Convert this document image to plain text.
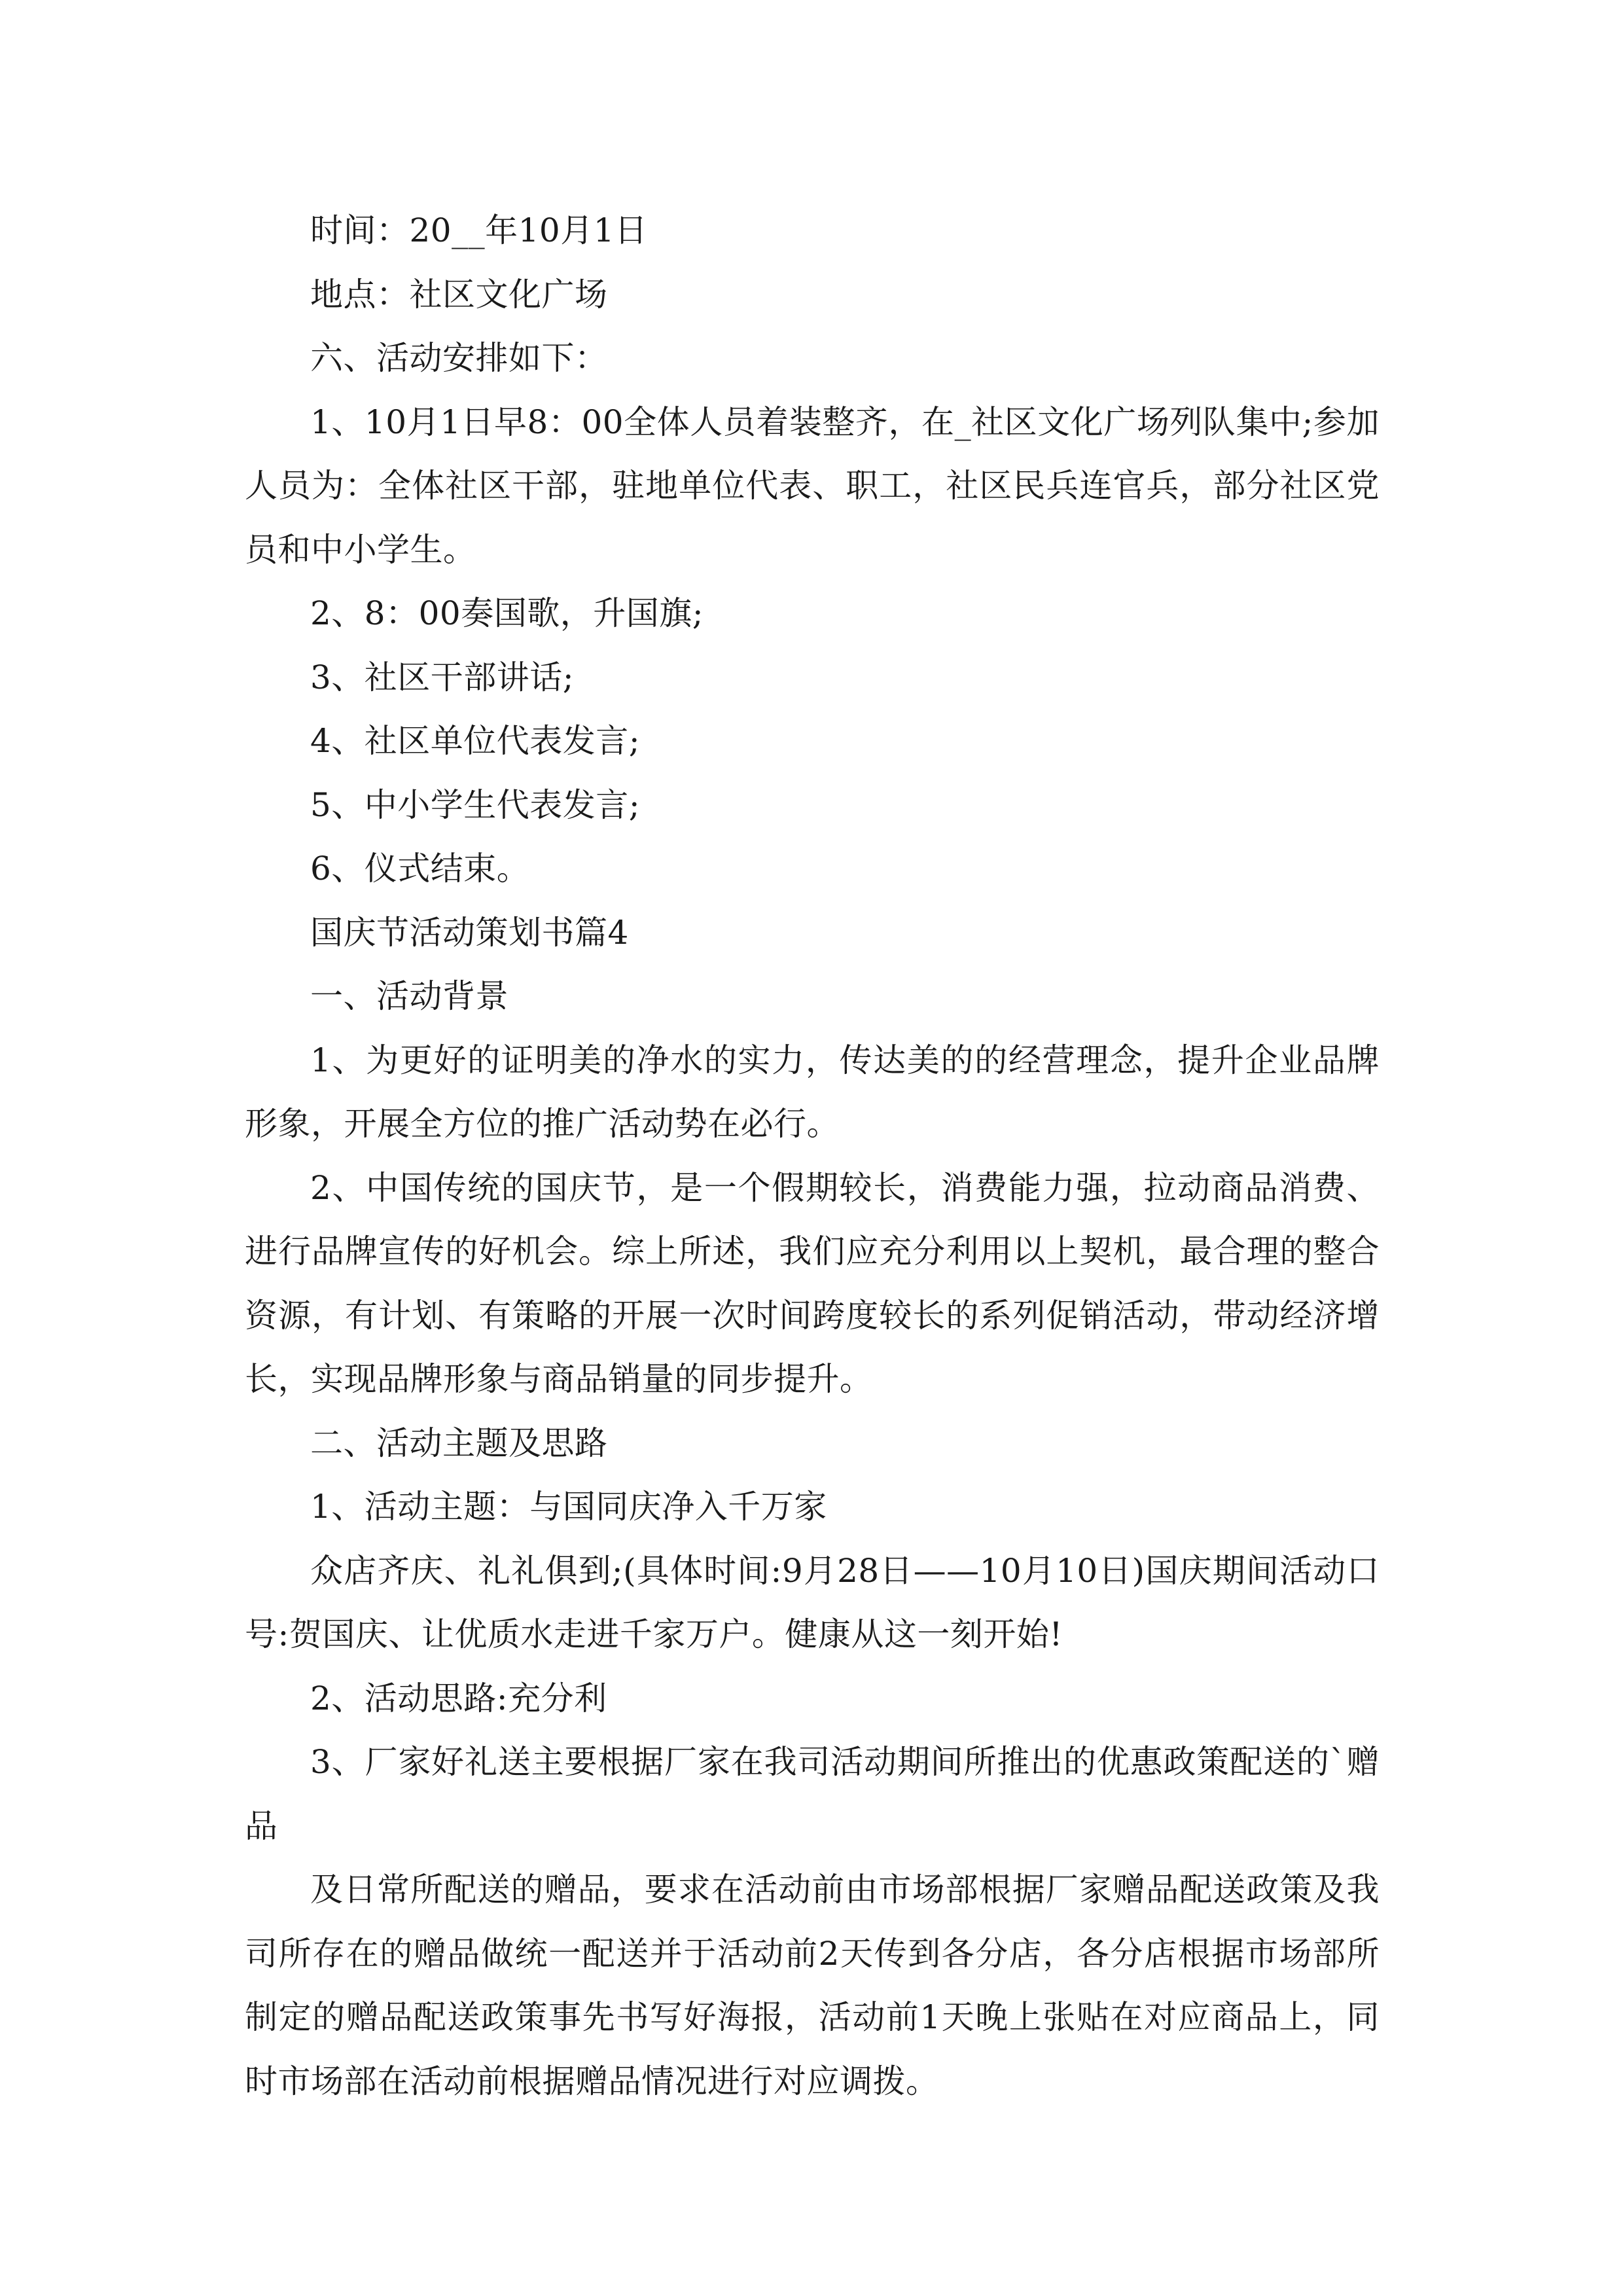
时间：20__年10月1日

地点：社区文化广场

六、活动安排如下：

1、10月1日早8：00全体人员着装整齐，在_社区文化广场列队集中;参加人员为：全体社区干部，驻地单位代表、职工，社区民兵连官兵，部分社区党员和中小学生。

2、8：00奏国歌，升国旗;

3、社区干部讲话;

4、社区单位代表发言;

5、中小学生代表发言;

6、仪式结束。

国庆节活动策划书篇4

一、活动背景

1、为更好的证明美的净水的实力，传达美的的经营理念，提升企业品牌形象，开展全方位的推广活动势在必行。

2、中国传统的国庆节，是一个假期较长，消费能力强，拉动商品消费、进行品牌宣传的好机会。综上所述，我们应充分利用以上契机，最合理的整合资源，有计划、有策略的开展一次时间跨度较长的系列促销活动，带动经济增长，实现品牌形象与商品销量的同步提升。

二、活动主题及思路

1、活动主题：与国同庆净入千万家

众店齐庆、礼礼俱到;(具体时间:9月28日——10月10日)国庆期间活动口号:贺国庆、让优质水走进千家万户。健康从这一刻开始!

2、活动思路:充分利

3、厂家好礼送主要根据厂家在我司活动期间所推出的优惠政策配送的`赠品

及日常所配送的赠品，要求在活动前由市场部根据厂家赠品配送政策及我司所存在的赠品做统一配送并于活动前2天传到各分店，各分店根据市场部所制定的赠品配送政策事先书写好海报，活动前1天晚上张贴在对应商品上，同时市场部在活动前根据赠品情况进行对应调拨。
